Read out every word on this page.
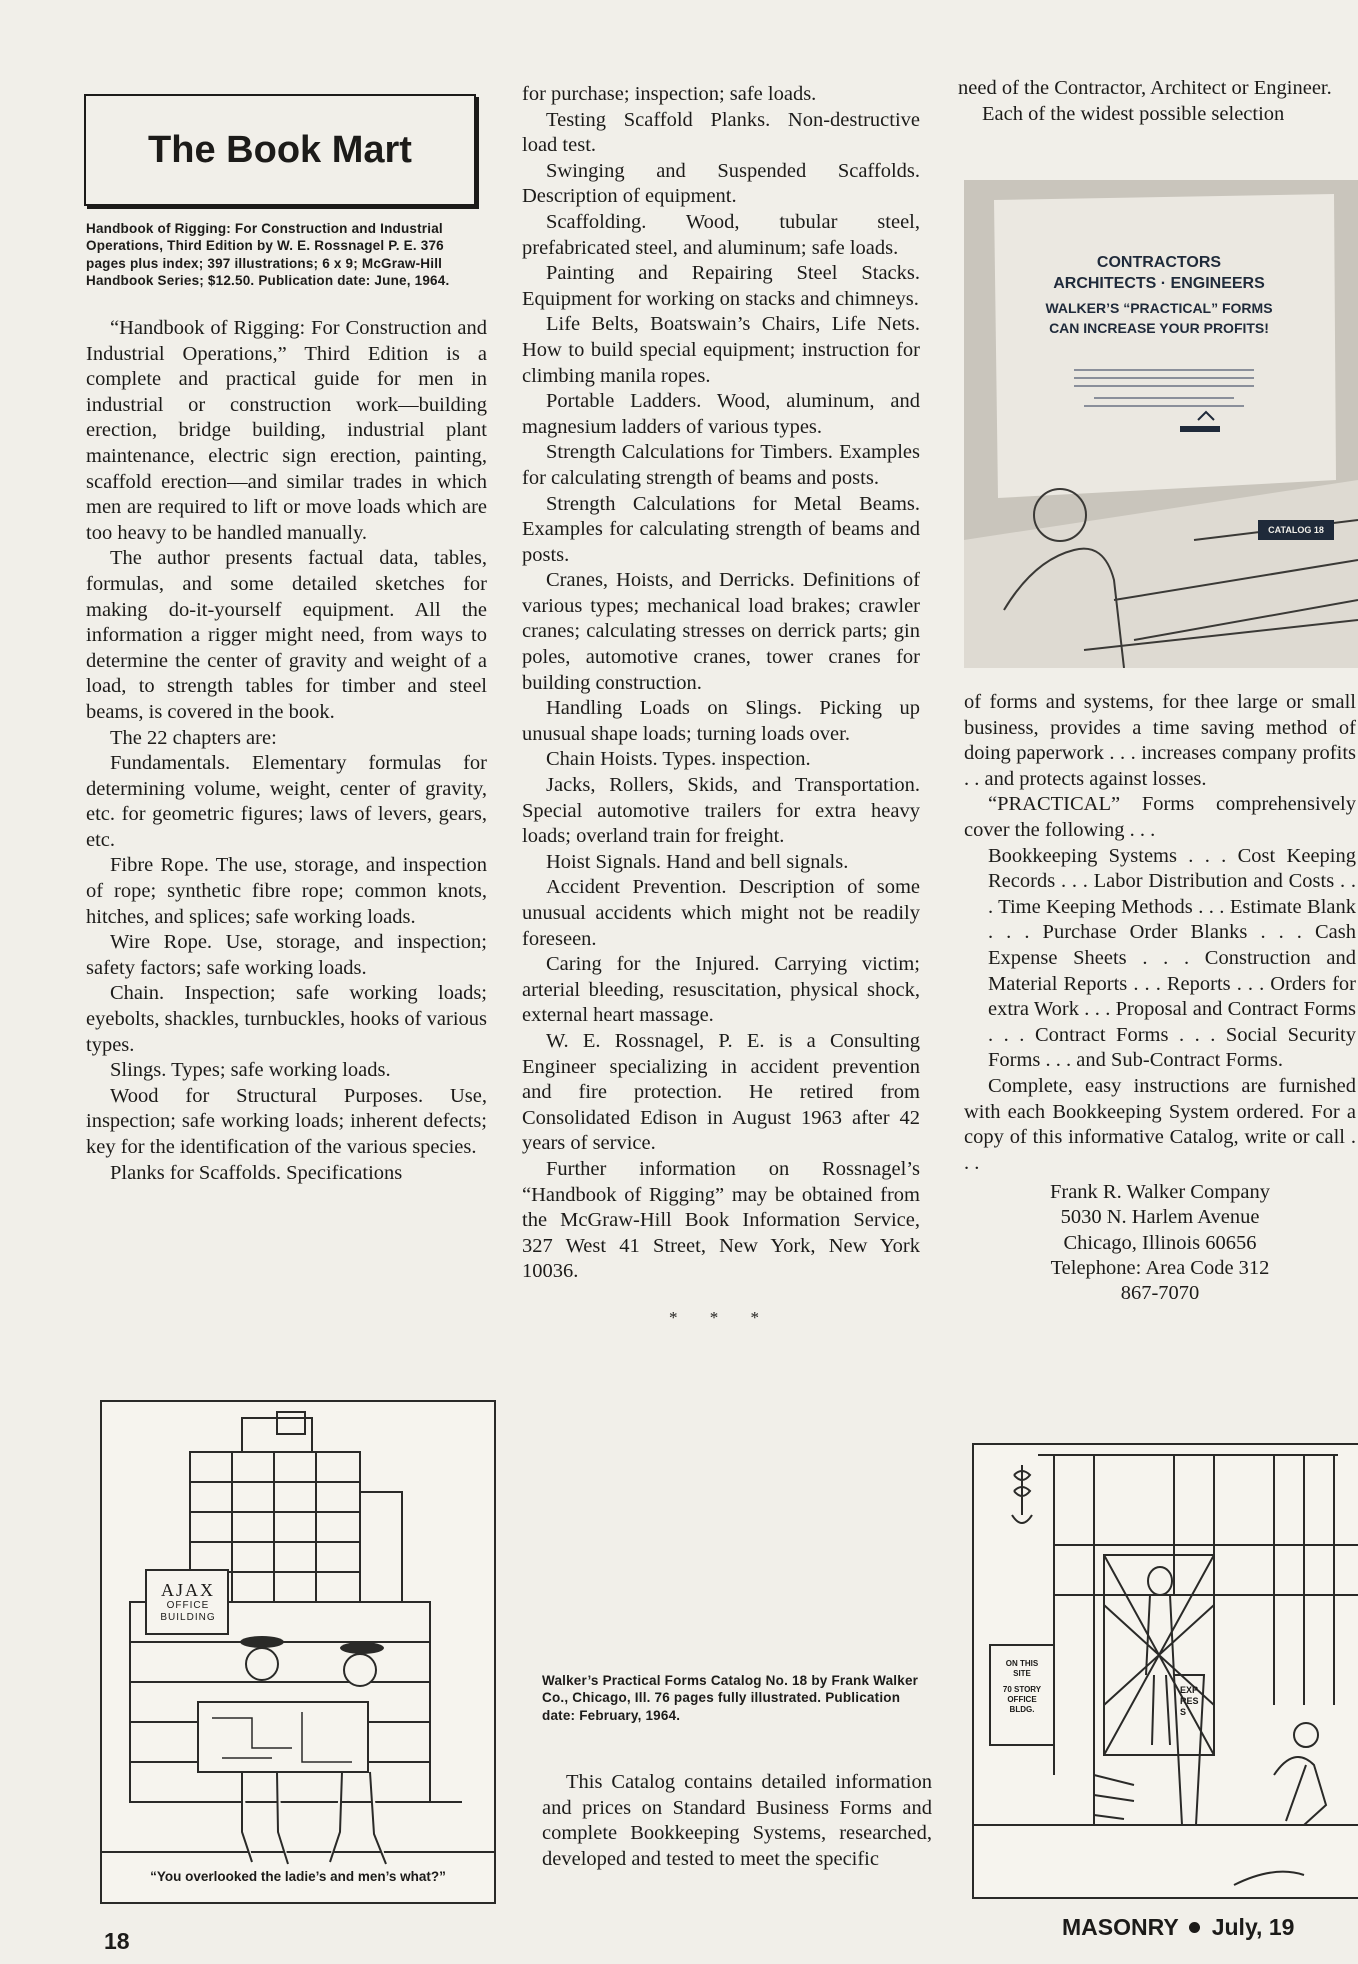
The Book Mart
Handbook of Rigging: For Construction and Industrial Operations, Third Edition by W. E. Rossnagel P. E. 376 pages plus index; 397 illustrations; 6 x 9; McGraw-Hill Handbook Series; $12.50. Publication date: June, 1964.

“Handbook of Rigging: For Construction and Industrial Operations,” Third Edition is a complete and practical guide for men in industrial or construction work—building erection, bridge building, industrial plant maintenance, electric sign erection, painting, scaffold erection—and similar trades in which men are required to lift or move loads which are too heavy to be handled manually.

The author presents factual data, tables, formulas, and some detailed sketches for making do-it-yourself equipment. All the information a rigger might need, from ways to determine the center of gravity and weight of a load, to strength tables for timber and steel beams, is covered in the book.

The 22 chapters are:

Fundamentals. Elementary formulas for determining volume, weight, center of gravity, etc. for geometric figures; laws of levers, gears, etc.

Fibre Rope. The use, storage, and inspection of rope; synthetic fibre rope; common knots, hitches, and splices; safe working loads.

Wire Rope. Use, storage, and inspection; safety factors; safe working loads.

Chain. Inspection; safe working loads; eyebolts, shackles, turnbuckles, hooks of various types.

Slings. Types; safe working loads.

Wood for Structural Purposes. Use, inspection; safe working loads; inherent defects; key for the identification of the various species.

Planks for Scaffolds. Specifications

AJAX
OFFICE
BUILDING
“You overlooked the ladie’s and men’s what?”

for purchase; inspection; safe loads.

Testing Scaffold Planks. Non-destructive load test.

Swinging and Suspended Scaffolds. Description of equipment.

Scaffolding. Wood, tubular steel, prefabricated steel, and aluminum; safe loads.

Painting and Repairing Steel Stacks. Equipment for working on stacks and chimneys.

Life Belts, Boatswain’s Chairs, Life Nets. How to build special equipment; instruction for climbing manila ropes.

Portable Ladders. Wood, aluminum, and magnesium ladders of various types.

Strength Calculations for Timbers. Examples for calculating strength of beams and posts.

Strength Calculations for Metal Beams. Examples for calculating strength of beams and posts.

Cranes, Hoists, and Derricks. Definitions of various types; mechanical load brakes; crawler cranes; calculating stresses on derrick parts; gin poles, automotive cranes, tower cranes for building construction.

Handling Loads on Slings. Picking up unusual shape loads; turning loads over.

Chain Hoists. Types. inspection.

Jacks, Rollers, Skids, and Transportation. Special automotive trailers for extra heavy loads; overland train for freight.

Hoist Signals. Hand and bell signals.

Accident Prevention. Description of some unusual accidents which might not be readily foreseen.

Caring for the Injured. Carrying victim; arterial bleeding, resuscitation, physical shock, external heart massage.

W. E. Rossnagel, P. E. is a Consulting Engineer specializing in accident prevention and fire protection. He retired from Consolidated Edison in August 1963 after 42 years of service.

Further information on Rossnagel’s “Handbook of Rigging” may be obtained from the McGraw-Hill Book Information Service, 327 West 41 Street, New York, New York 10036.

* * *
Walker’s Practical Forms Catalog No. 18 by Frank Walker Co., Chicago, Ill. 76 pages fully illustrated. Publication date: February, 1964.

This Catalog contains detailed information and prices on Standard Business Forms and complete Bookkeeping Systems, researched, developed and tested to meet the specific

need of the Contractor, Architect or Engineer.

Each of the widest possible selection

CONTRACTORS ARCHITECTS · ENGINEERS
WALKER’S “PRACTICAL” FORMS CAN INCREASE YOUR PROFITS!
CATALOG 18

of forms and systems, for thee large or small business, provides a time saving method of doing paperwork . . . increases company profits . . and protects against losses.

“PRACTICAL” Forms comprehensively cover the following . . .

Bookkeeping Systems . . . Cost Keeping Records . . . Labor Distribution and Costs . . . Time Keeping Methods . . . Estimate Blank . . . Purchase Order Blanks . . . Cash Expense Sheets . . . Construction and Material Reports . . . Reports . . . Orders for extra Work . . . Proposal and Contract Forms . . . Contract Forms . . . Social Security Forms . . . and Sub-Contract Forms.

Complete, easy instructions are furnished with each Bookkeeping System ordered. For a copy of this informative Catalog, write or call . . .

Frank R. Walker Company
5030 N. Harlem Avenue
Chicago, Illinois 60656
Telephone: Area Code 312
867-7070
ON THIS
SITE
70 STORY
OFFICE
BLDG.
EXPRESS
18
MASONRY July, 19
